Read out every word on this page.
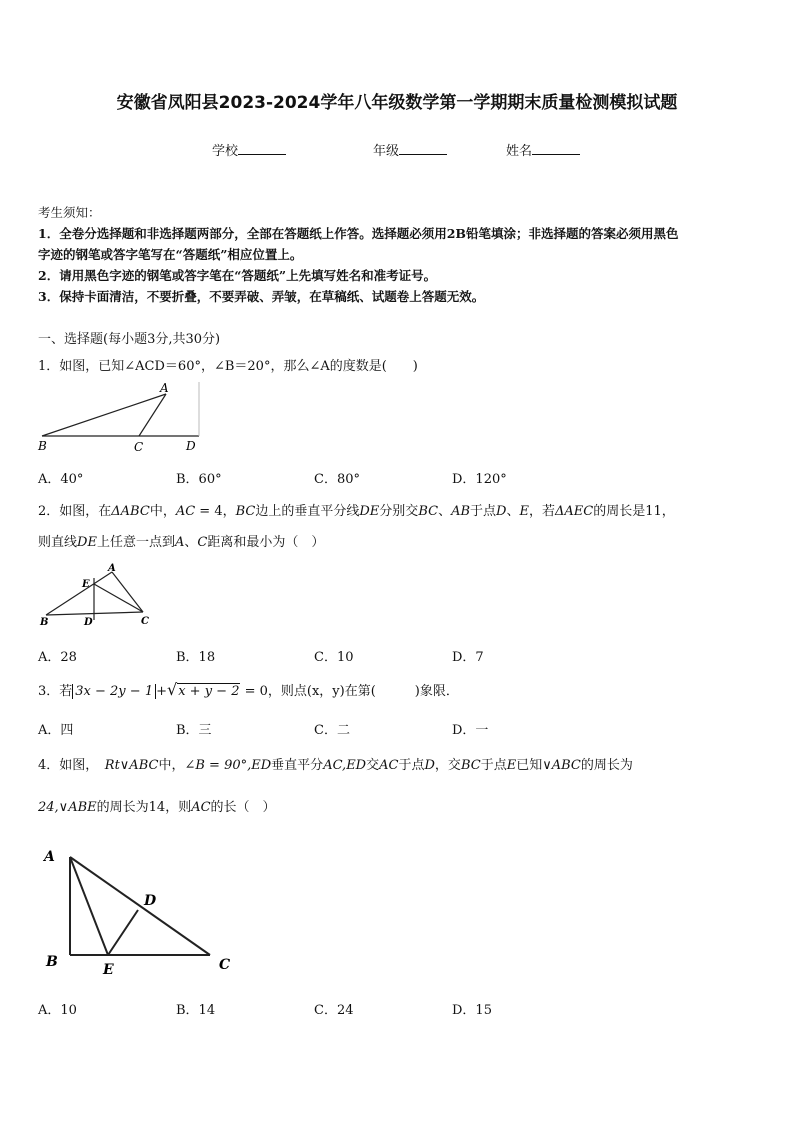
安徽省凤阳县2023-2024学年八年级数学第一学期期末质量检测模拟试题
学校	年级	姓名
考生须知：
1．全卷分选择题和非选择题两部分，全部在答题纸上作答。选择题必须用2B铅笔填涂；非选择题的答案必须用黑色
字迹的钢笔或答字笔写在“答题纸”相应位置上。
2．请用黑色字迹的钢笔或答字笔在“答题纸”上先填写姓名和准考证号。
3．保持卡面清洁，不要折叠，不要弄破、弄皱，在草稿纸、试题卷上答题无效。
一、选择题(每小题3分,共30分)
1．如图，已知∠ACD＝60°，∠B＝20°，那么∠A的度数是(　　)
A
B	C	D
A．40°	B．60°	C．80°	D．120°
2．如图，在ΔABC中，AC = 4，BC边上的垂直平分线DE分别交BC、AB于点D、E，若ΔAEC的周长是11，
则直线DE上任意一点到A、C距离和最小为（　）
A
B	C
D
E
A．28	B．18	C．10	D．7
3．若 3x − 2y − 1 +√x + y − 2 = 0，则点(x，y)在第(　　　)象限．
A．四	B．三	C．二	D．一
4．如图，　Rt∨ABC中，∠B = 90°,ED垂直平分AC,ED交AC于点D，交BC于点E已知∨ABC的周长为
24,∨ABE的周长为14，则AC的长（　）
A
B	C
D
E
A．10	B．14	C．24	D．15
